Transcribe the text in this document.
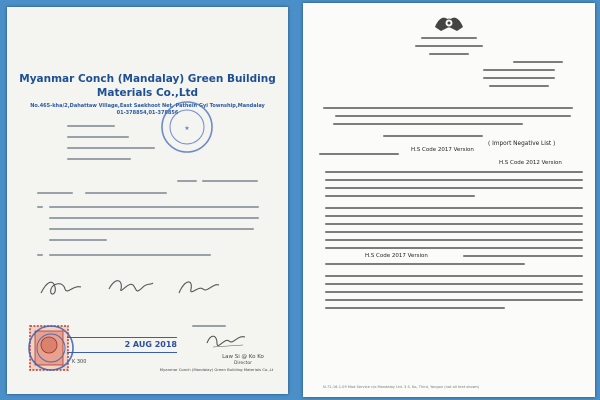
Myanmar Conch (Mandalay) Green Building
Materials Co.,Ltd
No.465-kha/2,Dahattaw Village,East Saekhoot Net, Pathein Gyi Township,Mandalay
01-378854,01-378856
★
2 AUG 2018
K 300
Law Si @ Ko Ko
Director
Myanmar Conch (Mandalay) Green Building Materials Co.,Lt
( Import Negative List )
H.S Code 2012 Version
H.S Code 2017 Version
H.S Code 2017 Version
N-72-16-1.09 Mod Service c/o Mandalay Ltd. 3 S. Ko, Third, Yangon (not all text shown)
